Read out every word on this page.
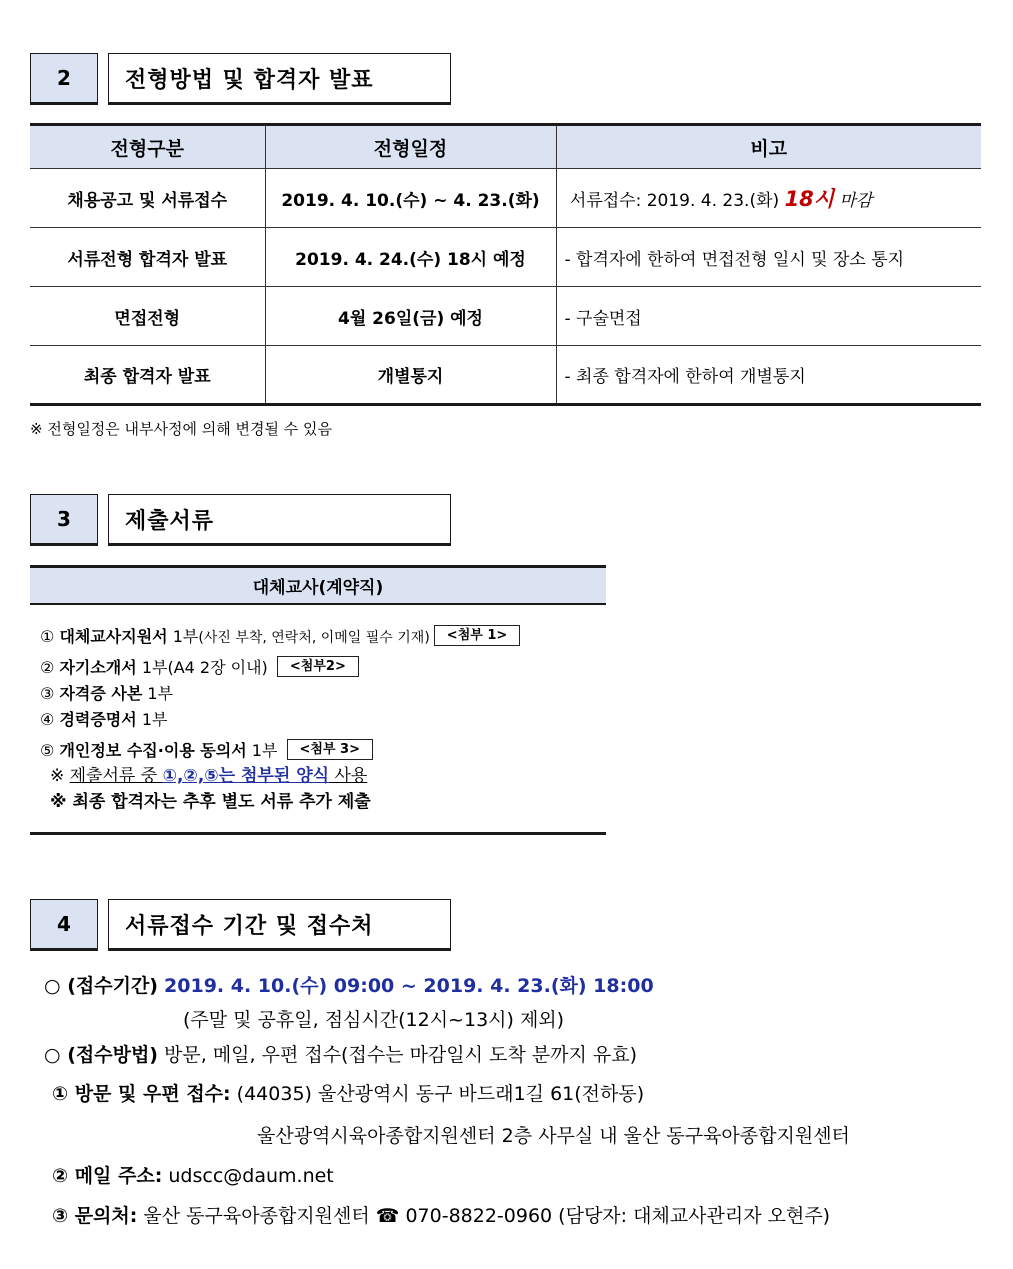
2	전형방법 및 합격자 발표
전형구분	전형일정	비고
채용공고 및 서류접수	2019. 4. 10.(수) ~ 4. 23.(화)	서류접수: 2019. 4. 23.(화) 18시 마감
서류전형 합격자 발표	2019. 4. 24.(수) 18시 예정	- 합격자에 한하여 면접전형 일시 및 장소 통지
면접전형	4월 26일(금) 예정	- 구술면접
최종 합격자 발표	개별통지	- 최종 합격자에 한하여 개별통지
※ 전형일정은 내부사정에 의해 변경될 수 있음
3	제출서류
대체교사(계약직)
① 대체교사지원서 1부(사진 부착, 연락처, 이메일 필수 기재) <첨부 1>
② 자기소개서 1부(A4 2장 이내) <첨부2>
③ 자격증 사본 1부
④ 경력증명서 1부
⑤ 개인정보 수집·이용 동의서 1부 <첨부 3>
※ 제출서류 중 ①,②,⑤는 첨부된 양식 사용
※ 최종 합격자는 추후 별도 서류 추가 제출
4	서류접수 기간 및 접수처
○ (접수기간) 2019. 4. 10.(수) 09:00 ~ 2019. 4. 23.(화) 18:00
(주말 및 공휴일, 점심시간(12시~13시) 제외)
○ (접수방법) 방문, 메일, 우편 접수(접수는 마감일시 도착 분까지 유효)
① 방문 및 우편 접수: (44035) 울산광역시 동구 바드래1길 61(전하동)
울산광역시육아종합지원센터 2층 사무실 내 울산 동구육아종합지원센터
② 메일 주소: udscc@daum.net
③ 문의처: 울산 동구육아종합지원센터 ☎ 070-8822-0960 (담당자: 대체교사관리자 오현주)
